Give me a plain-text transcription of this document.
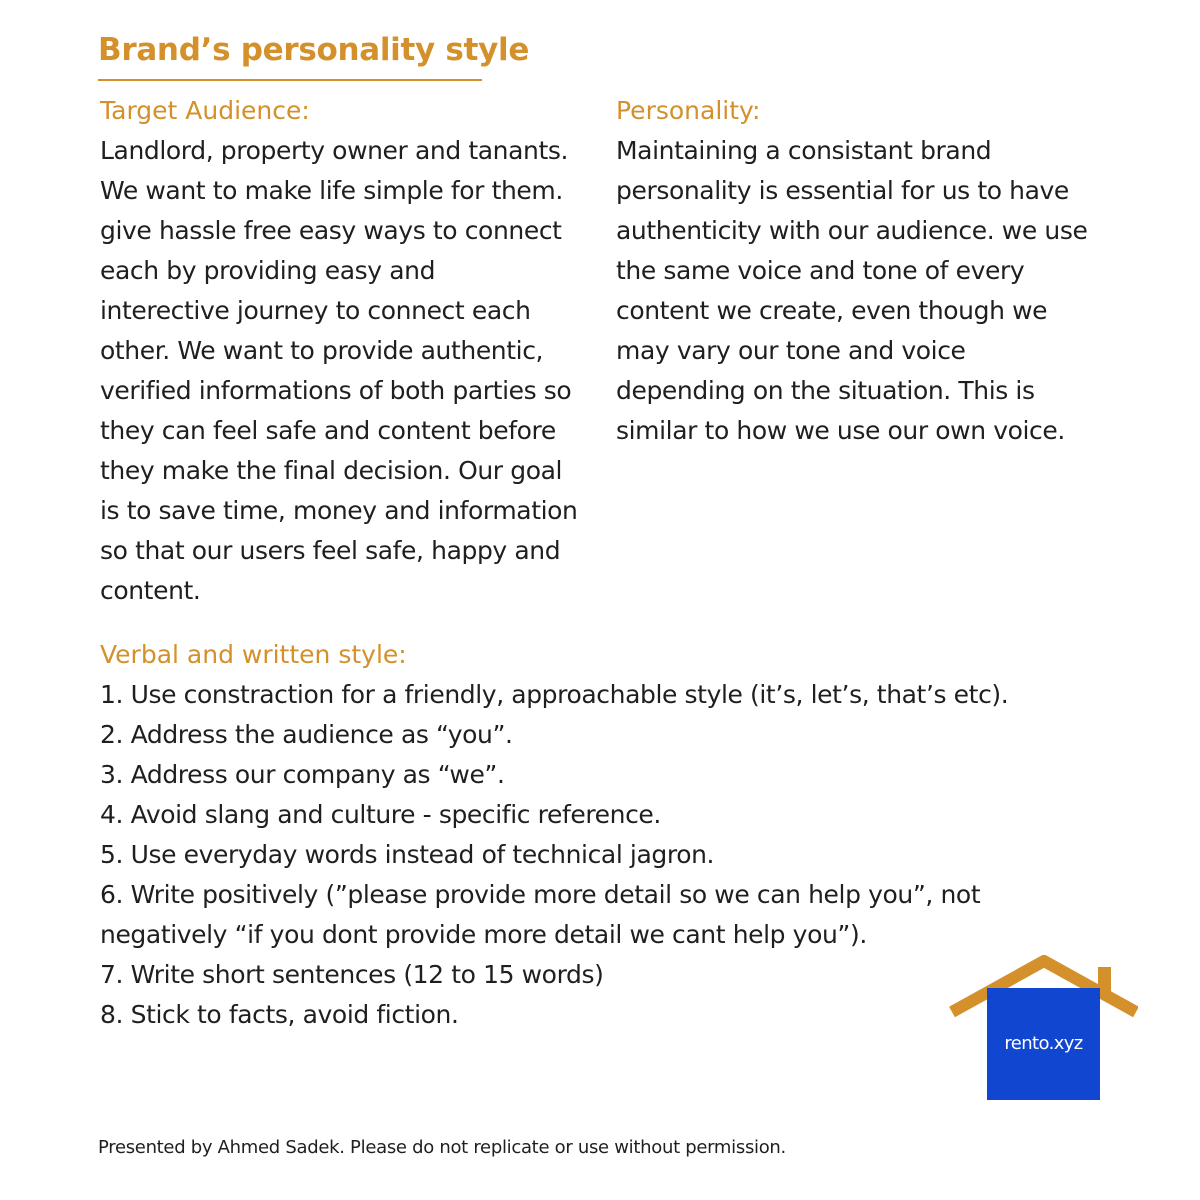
Brand’s personality style
Target Audience:
Landlord, property owner and tanants.
We want to make life simple for them.
give hassle free easy ways to connect
each by providing easy and
interective journey to connect each
other. We want to provide authentic,
verified informations of both parties so
they can feel safe and content before
they make the final decision. Our goal
is to save time, money and information
so that our users feel safe, happy and
content.
Personality:
Maintaining a consistant brand
personality is essential for us to have
authenticity with our audience. we use
the same voice and tone of every
content we create, even though we
may vary our tone and voice
depending on the situation. This is
similar to how we use our own voice.
Verbal and written style:
1. Use constraction for a friendly, approachable style (it’s, let’s, that’s etc).
2. Address the audience as “you”.
3. Address our company as “we”.
4. Avoid slang and culture - specific reference.
5. Use everyday words instead of technical jagron.
6. Write positively (”please provide more detail so we can help you”, not
negatively “if you dont provide more detail we cant help you”).
7. Write short sentences (12 to 15 words)
8. Stick to facts, avoid fiction.
rento.xyz
Presented by Ahmed Sadek. Please do not replicate or use without permission.
